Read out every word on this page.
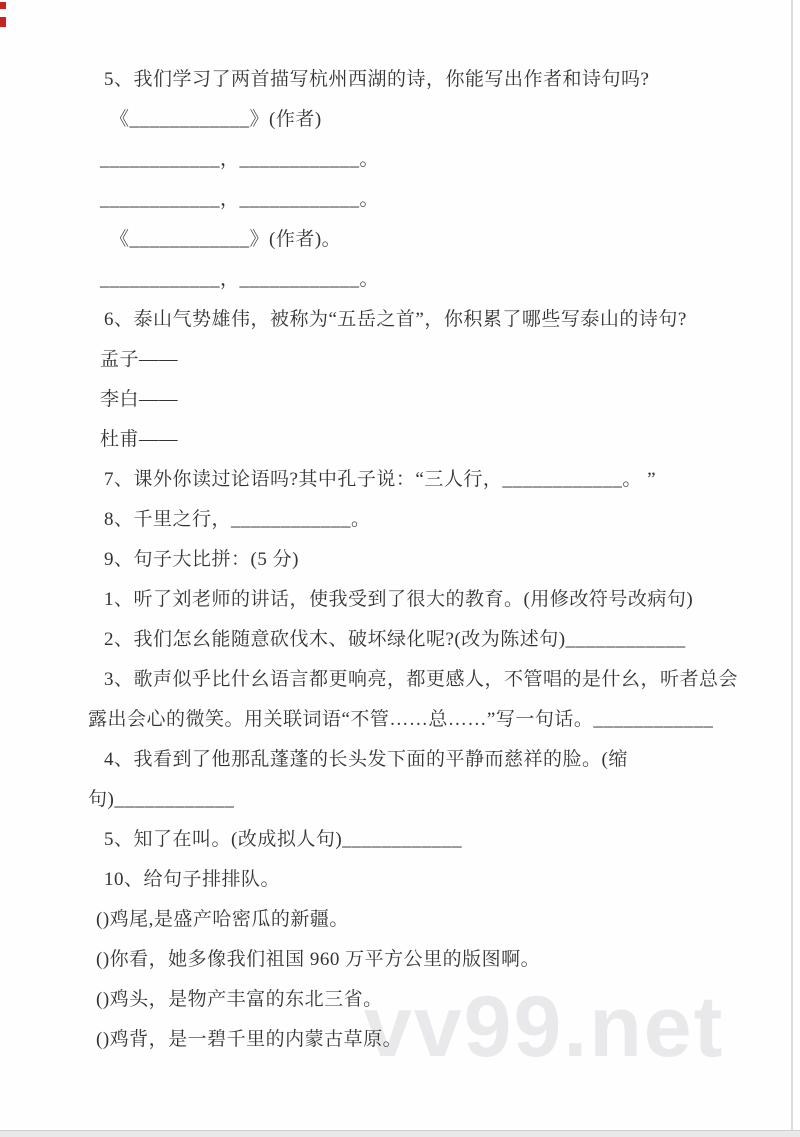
vv99.net
5、我们学习了两首描写杭州西湖的诗，你能写出作者和诗句吗?
《____________》(作者)
____________，____________。
____________，____________。
《____________》(作者)。
____________，____________。
6、泰山气势雄伟，被称为“五岳之首”，你积累了哪些写泰山的诗句?
孟子——
李白——
杜甫——
7、课外你读过论语吗?其中孔子说：“三人行，____________。 ”
8、千里之行，____________。
9、句子大比拼：(5 分)
1、听了刘老师的讲话，使我受到了很大的教育。(用修改符号改病句)
2、我们怎幺能随意砍伐木、破坏绿化呢?(改为陈述句)____________
3、歌声似乎比什幺语言都更响亮，都更感人，不管唱的是什幺，听者总会
露出会心的微笑。用关联词语“不管……总……”写一句话。____________
4、我看到了他那乱蓬蓬的长头发下面的平静而慈祥的脸。(缩
句)____________
5、知了在叫。(改成拟人句)____________
10、给句子排排队。
()鸡尾,是盛产哈密瓜的新疆。
()你看，她多像我们祖国 960 万平方公里的版图啊。
()鸡头，是物产丰富的东北三省。
()鸡背，是一碧千里的内蒙古草原。
